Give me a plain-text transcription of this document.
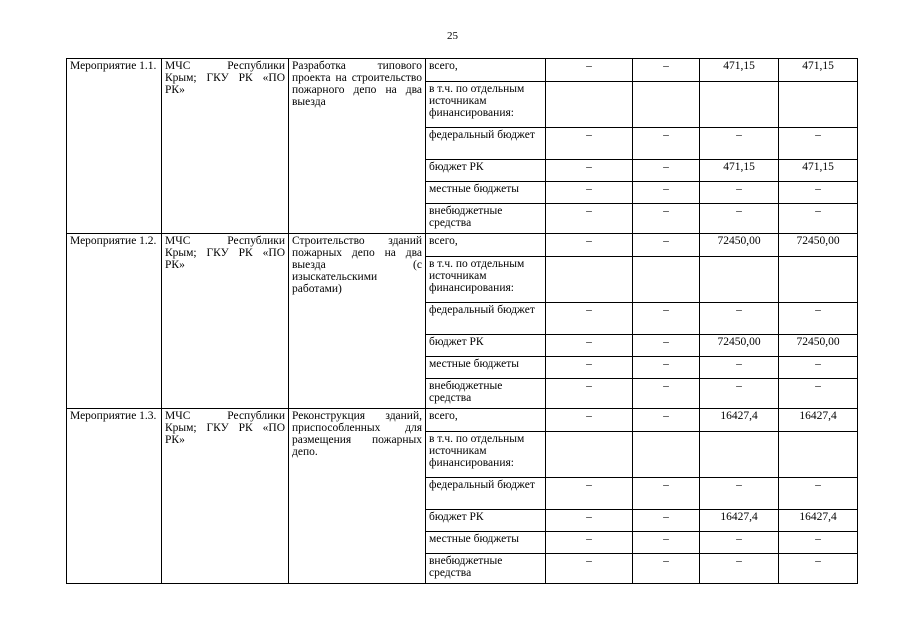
25
Мероприятие 1.1.	МЧС Республики Крым; ГКУ РК «ПО РК»	Разработка типового проекта на строительство пожарного депо на два выезда	всего,	–	–	471,15	471,15
			в т.ч. по отдельным источникам финансирования:				
			федеральный бюджет	–	–	–	–
			бюджет РК	–	–	471,15	471,15
			местные бюджеты	–	–	–	–
			внебюджетные средства	–	–	–	–
Мероприятие 1.2.	МЧС Республики Крым; ГКУ РК «ПО РК»	Строительство зданий пожарных депо на два выезда (с изыскательскими работами)	всего,	–	–	72450,00	72450,00
			в т.ч. по отдельным источникам финансирования:				
			федеральный бюджет	–	–	–	–
			бюджет РК	–	–	72450,00	72450,00
			местные бюджеты	–	–	–	–
			внебюджетные средства	–	–	–	–
Мероприятие 1.3.	МЧС Республики Крым; ГКУ РК «ПО РК»	Реконструкция зданий, приспособленных для размещения пожарных депо.	всего,	–	–	16427,4	16427,4
			в т.ч. по отдельным источникам финансирования:				
			федеральный бюджет	–	–	–	–
			бюджет РК	–	–	16427,4	16427,4
			местные бюджеты	–	–	–	–
			внебюджетные средства	–	–	–	–
